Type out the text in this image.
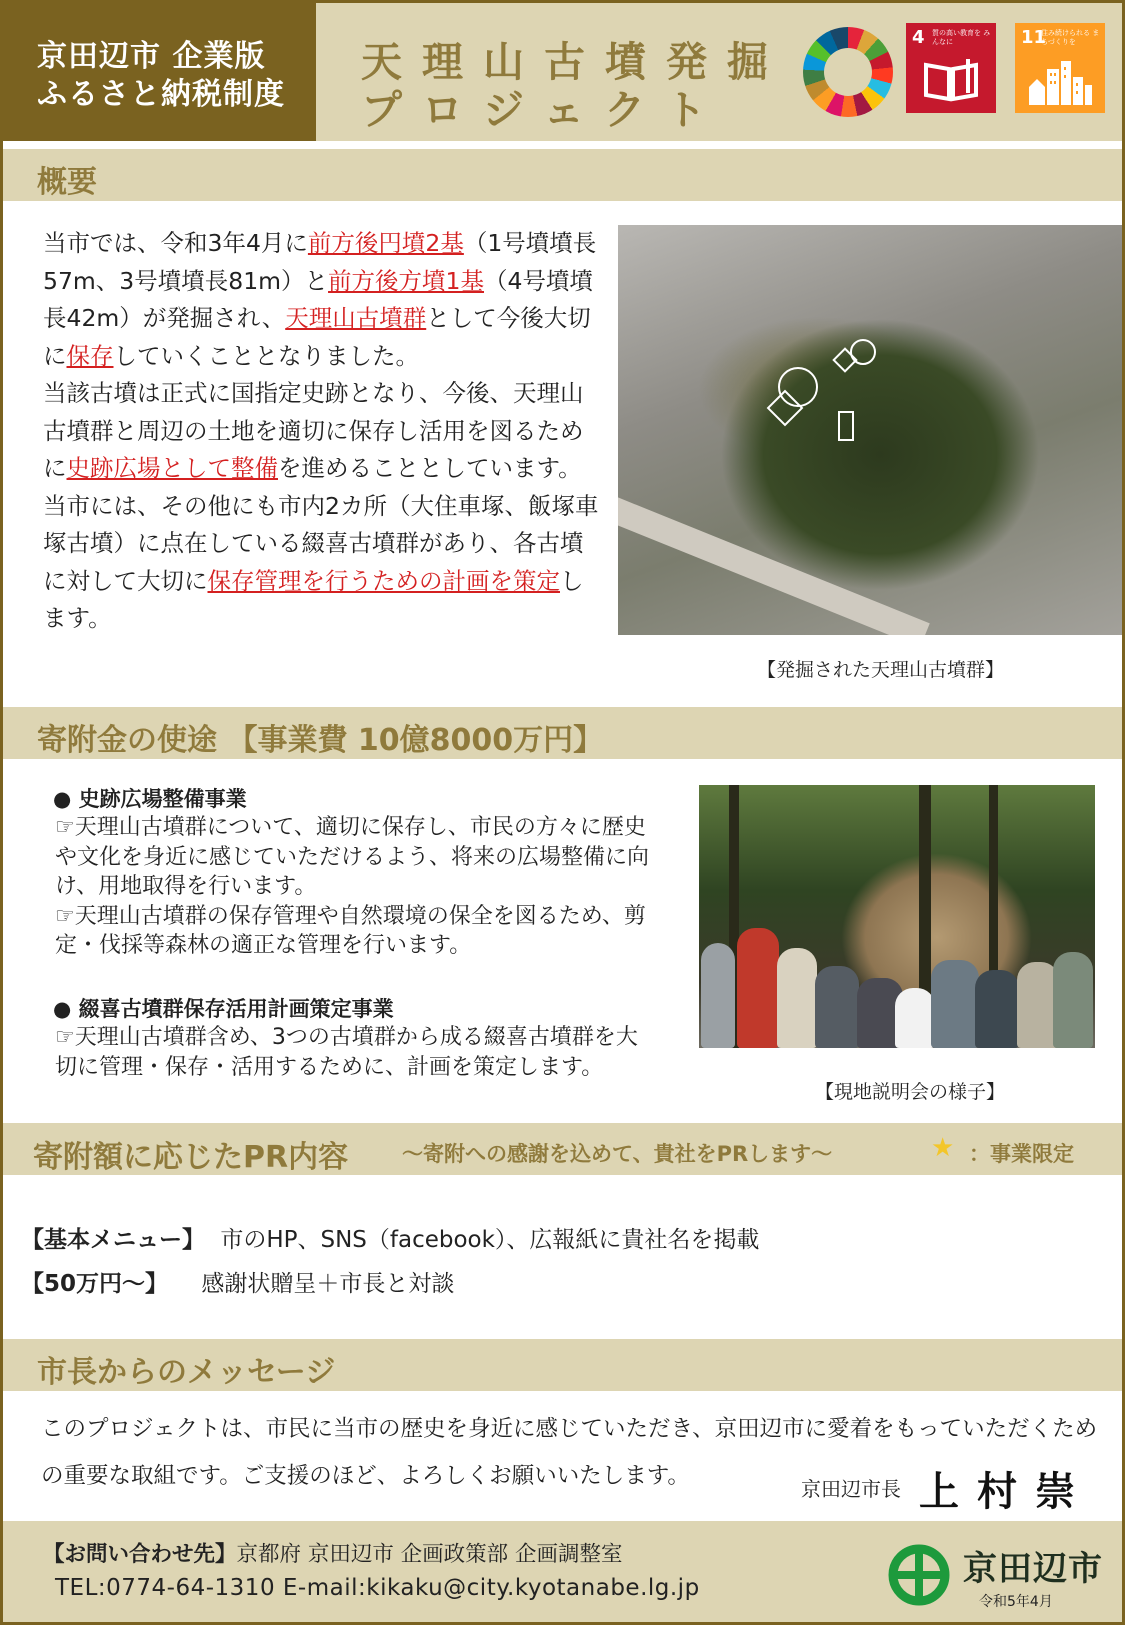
京田辺市 企業版
ふるさと納税制度
天理山古墳発掘
プロジェクト
4 質の高い教育を みんなに	11
住み続けられる まちづくりを
概要

当市では、令和3年4月に前方後円墳2基（1号墳墳長57m、3号墳墳長81m）と前方後方墳1基（4号墳墳長42m）が発掘され、天理山古墳群として今後大切に保存していくこととなりました。

当該古墳は正式に国指定史跡となり、今後、天理山古墳群と周辺の土地を適切に保存し活用を図るために史跡広場として整備を進めることとしています。

当市には、その他にも市内2カ所（大住車塚、飯塚車塚古墳）に点在している綴喜古墳群があり、各古墳に対して大切に保存管理を行うための計画を策定します。

【発掘された天理山古墳群】
寄附金の使途 【事業費 10億8000万円】
● 史跡広場整備事業

☞天理山古墳群について、適切に保存し、市民の方々に歴史や文化を身近に感じていただけるよう、将来の広場整備に向け、用地取得を行います。

☞天理山古墳群の保存管理や自然環境の保全を図るため、剪定・伐採等森林の適正な管理を行います。

● 綴喜古墳群保存活用計画策定事業

☞天理山古墳群含め、3つの古墳群から成る綴喜古墳群を大切に管理・保存・活用するために、計画を策定します。

【現地説明会の様子】
寄附額に応じたPR内容	～寄附への感謝を込めて、貴社をPRします～	★ ：事業限定
【基本メニュー】 市のHP、SNS（facebook）、広報紙に貴社名を掲載
【50万円～】 感謝状贈呈＋市長と対談
市長からのメッセージ
このプロジェクトは、市民に当市の歴史を身近に感じていただき、京田辺市に愛着をもっていただくための重要な取組です。ご支援のほど、よろしくお願いいたします。	京田辺市長 上村崇
【お問い合わせ先】京都府 京田辺市 企画政策部 企画調整室
TEL:0774-64-1310 E-mail:kikaku@city.kyotanabe.lg.jp	京田辺市
令和5年4月
